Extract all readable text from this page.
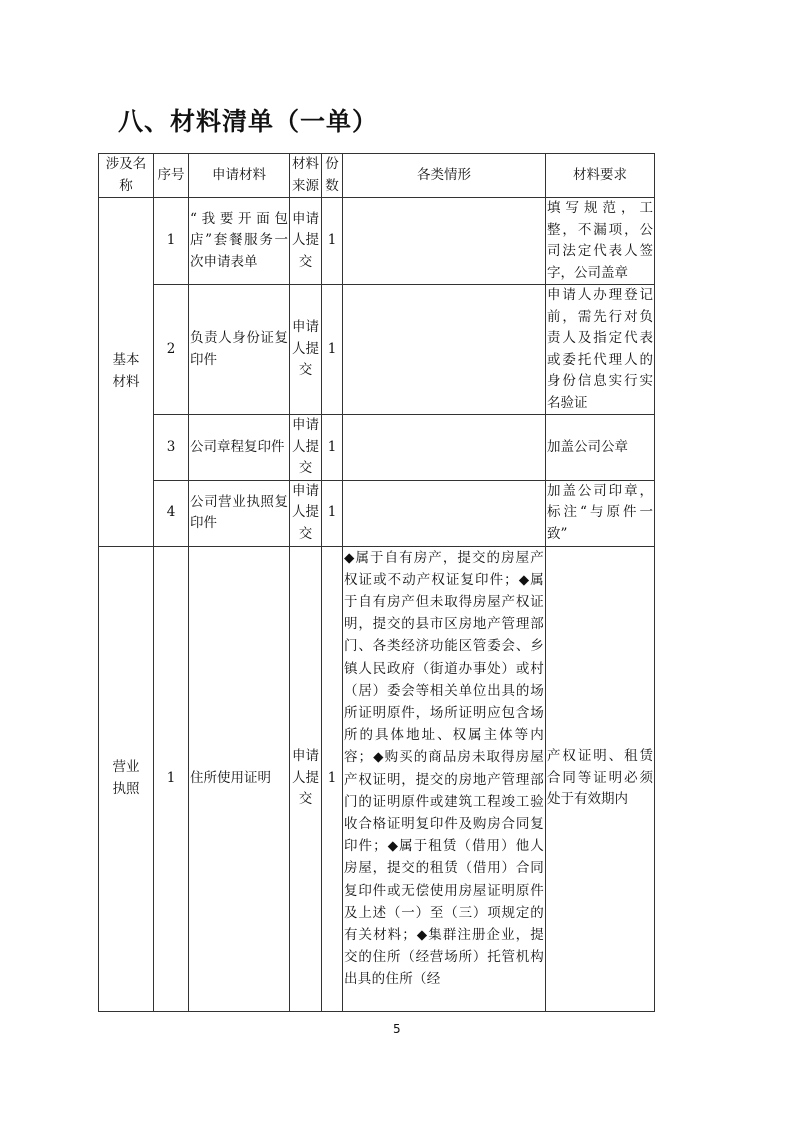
八、材料清单（一单）
涉及名称	序号	申请材料	材料来源	份数	各类情形	材料要求
基本材料	1	“我要开面包店”套餐服务一次申请表单	申请人提交	1		填写规范，工整，不漏项，公司法定代表人签字，公司盖章
	2	负责人身份证复印件	申请人提交	1		申请人办理登记前，需先行对负责人及指定代表或委托代理人的身份信息实行实名验证
	3	公司章程复印件	申请人提交	1		加盖公司公章
	4	公司营业执照复印件	申请人提交	1		加盖公司印章，标注“与原件一致”
营业执照	1	住所使用证明	申请人提交	1	◆属于自有房产，提交的房屋产权证或不动产权证复印件；◆属于自有房产但未取得房屋产权证明，提交的县市区房地产管理部门、各类经济功能区管委会、乡镇人民政府（街道办事处）或村（居）委会等相关单位出具的场所证明原件，场所证明应包含场所的具体地址、权属主体等内容；◆购买的商品房未取得房屋产权证明，提交的房地产管理部门的证明原件或建筑工程竣工验收合格证明复印件及购房合同复印件；◆属于租赁（借用）他人房屋，提交的租赁（借用）合同复印件或无偿使用房屋证明原件及上述（一）至（三）项规定的有关材料；◆集群注册企业，提交的住所（经营场所）托管机构出具的住所（经	产权证明、租赁合同等证明必须处于有效期内
5
